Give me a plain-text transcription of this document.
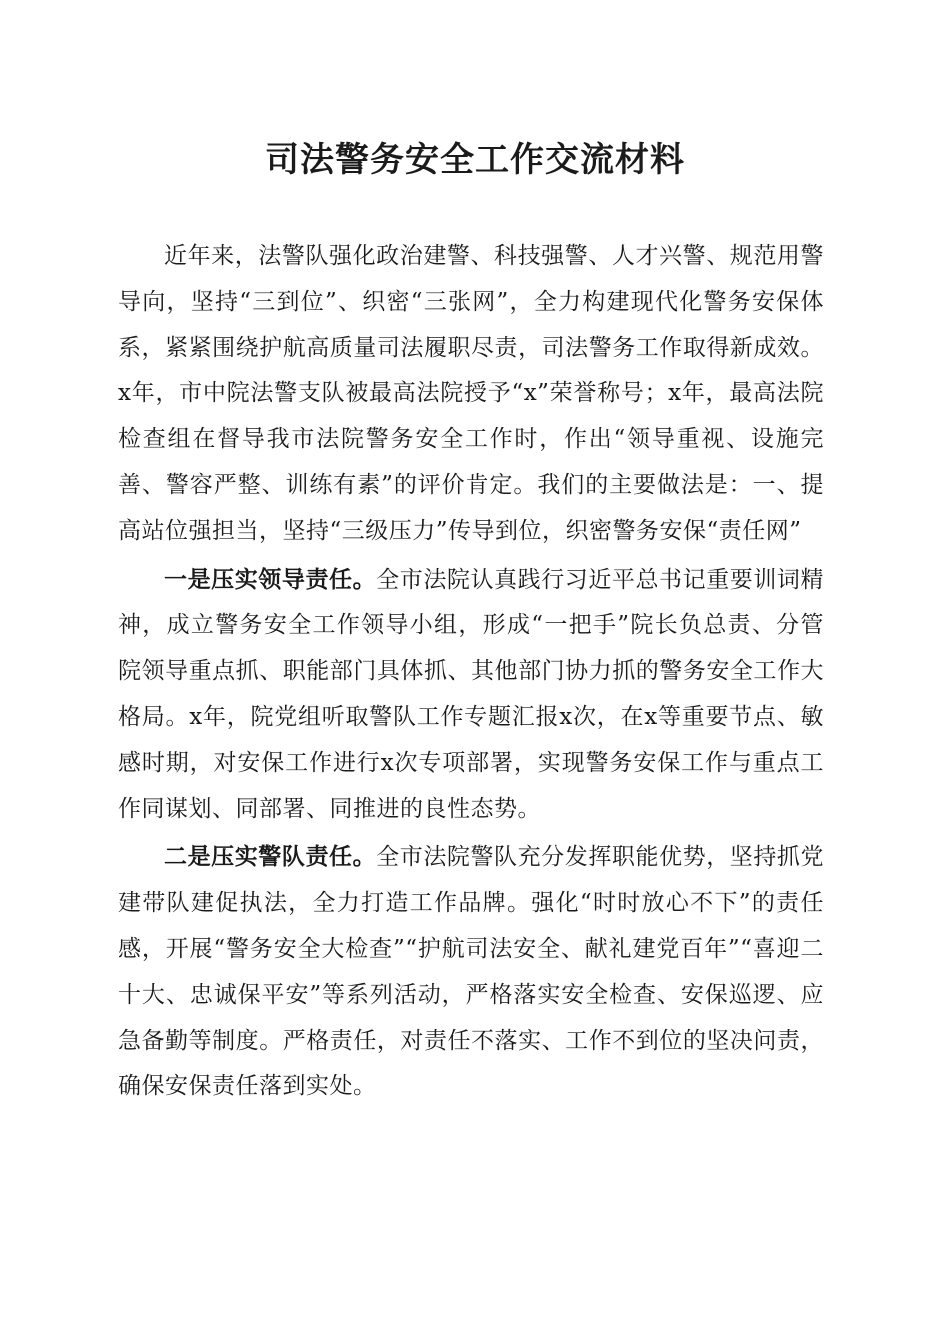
司法警务安全工作交流材料

近年来，法警队强化政治建警、科技强警、人才兴警、规范用警导向，坚持“三到位”、织密“三张网”，全力构建现代化警务安保体系，紧紧围绕护航高质量司法履职尽责，司法警务工作取得新成效。x年，市中院法警支队被最高法院授予“x”荣誉称号；x年，最高法院检查组在督导我市法院警务安全工作时，作出“领导重视、设施完善、警容严整、训练有素”的评价肯定。我们的主要做法是：一、提高站位强担当，坚持“三级压力”传导到位，织密警务安保“责任网”

一是压实领导责任。全市法院认真践行习近平总书记重要训词精神，成立警务安全工作领导小组，形成“一把手”院长负总责、分管院领导重点抓、职能部门具体抓、其他部门协力抓的警务安全工作大格局。x年，院党组听取警队工作专题汇报x次，在x等重要节点、敏感时期，对安保工作进行x次专项部署，实现警务安保工作与重点工作同谋划、同部署、同推进的良性态势。

二是压实警队责任。全市法院警队充分发挥职能优势，坚持抓党建带队建促执法，全力打造工作品牌。强化“时时放心不下”的责任感，开展“警务安全大检查”“护航司法安全、献礼建党百年”“喜迎二十大、忠诚保平安”等系列活动，严格落实安全检查、安保巡逻、应急备勤等制度。严格责任，对责任不落实、工作不到位的坚决问责，确保安保责任落到实处。
